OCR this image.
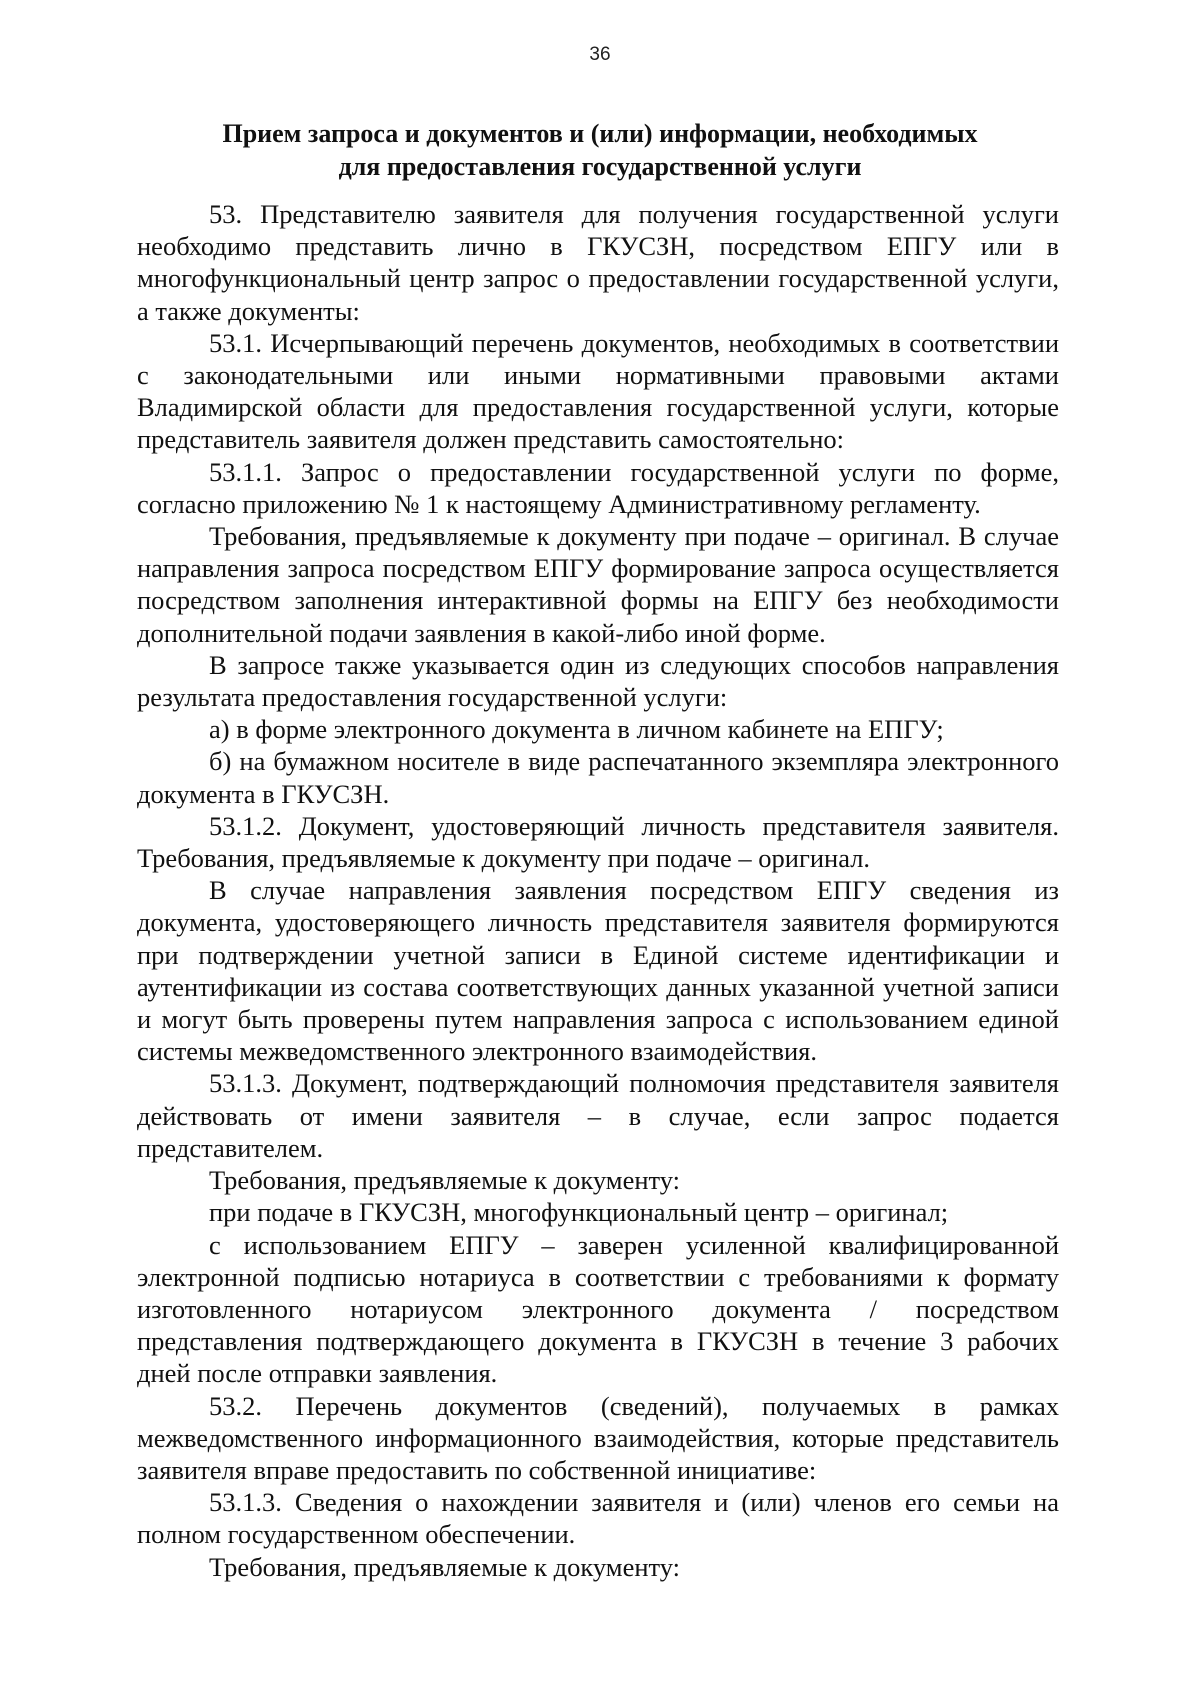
36
Прием запроса и документов и (или) информации, необходимых
для предоставления государственной услуги

53. Представителю заявителя для получения государственной услуги необходимо представить лично в ГКУСЗН, посредством ЕПГУ или в многофункциональный центр запрос о предоставлении государственной услуги, а также документы:

53.1. Исчерпывающий перечень документов, необходимых в соответствии с законодательными или иными нормативными правовыми актами Владимирской области для предоставления государственной услуги, которые представитель заявителя должен представить самостоятельно:

53.1.1. Запрос о предоставлении государственной услуги по форме, согласно приложению № 1 к настоящему Административному регламенту.

Требования, предъявляемые к документу при подаче – оригинал. В случае направления запроса посредством ЕПГУ формирование запроса осуществляется посредством заполнения интерактивной формы на ЕПГУ без необходимости дополнительной подачи заявления в какой-либо иной форме.

В запросе также указывается один из следующих способов направления результата предоставления государственной услуги:

а) в форме электронного документа в личном кабинете на ЕПГУ;

б) на бумажном носителе в виде распечатанного экземпляра электронного документа в ГКУСЗН.

53.1.2. Документ, удостоверяющий личность представителя заявителя. Требования, предъявляемые к документу при подаче – оригинал.

В случае направления заявления посредством ЕПГУ сведения из документа, удостоверяющего личность представителя заявителя формируются при подтверждении учетной записи в Единой системе идентификации и аутентификации из состава соответствующих данных указанной учетной записи и могут быть проверены путем направления запроса с использованием единой системы межведомственного электронного взаимодействия.

53.1.3. Документ, подтверждающий полномочия представителя заявителя действовать от имени заявителя – в случае, если запрос подается представителем.

Требования, предъявляемые к документу:

при подаче в ГКУСЗН, многофункциональный центр – оригинал;

с использованием ЕПГУ – заверен усиленной квалифицированной электронной подписью нотариуса в соответствии с требованиями к формату изготовленного нотариусом электронного документа / посредством представления подтверждающего документа в ГКУСЗН в течение 3 рабочих дней после отправки заявления.

53.2. Перечень документов (сведений), получаемых в рамках межведомственного информационного взаимодействия, которые представитель заявителя вправе предоставить по собственной инициативе:

53.1.3. Сведения о нахождении заявителя и (или) членов его семьи на полном государственном обеспечении.

Требования, предъявляемые к документу:
